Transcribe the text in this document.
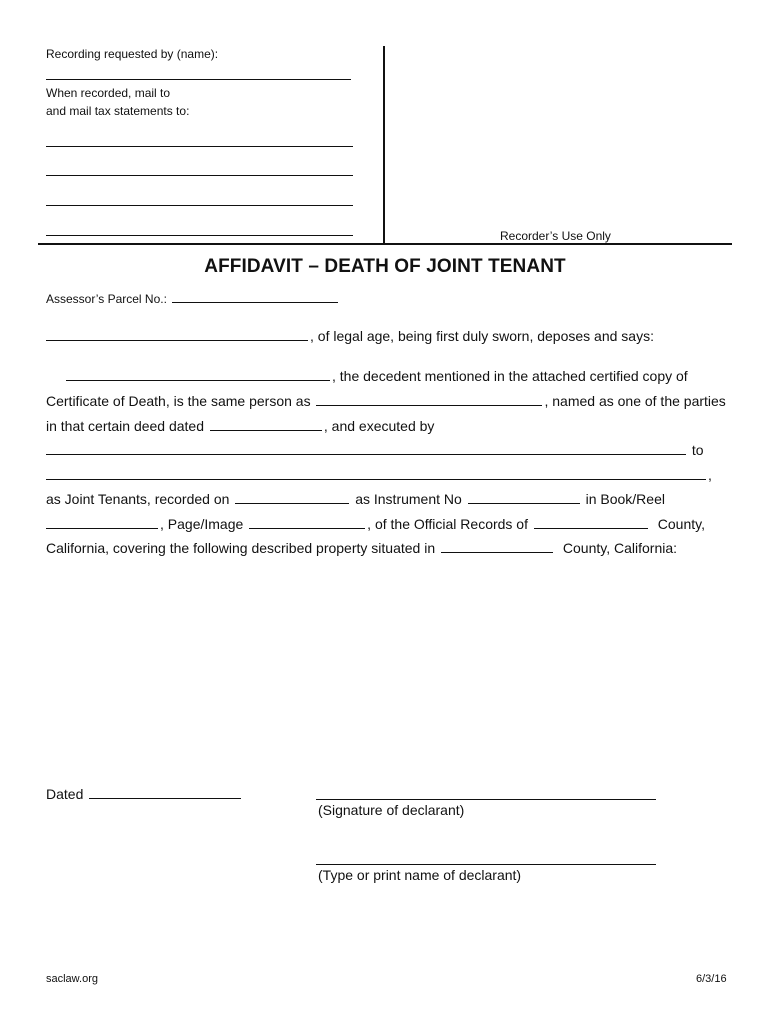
Recording requested by (name):
When recorded, mail to
and mail tax statements to:
Recorder’s Use Only
AFFIDAVIT – DEATH OF JOINT TENANT
Assessor’s Parcel No.:
, of legal age, being first duly sworn, deposes and says:
, the decedent mentioned in the attached certified copy of
Certificate of Death, is the same person as	, named as one of the parties
in that certain deed dated	, and executed by
to
,
as Joint Tenants, recorded on	as Instrument No	in Book/Reel
, Page/Image	, of the Official Records of	County,
California, covering the following described property situated in	County, California:
Dated
(Signature of declarant)
(Type or print name of declarant)
saclaw.org	6/3/16
